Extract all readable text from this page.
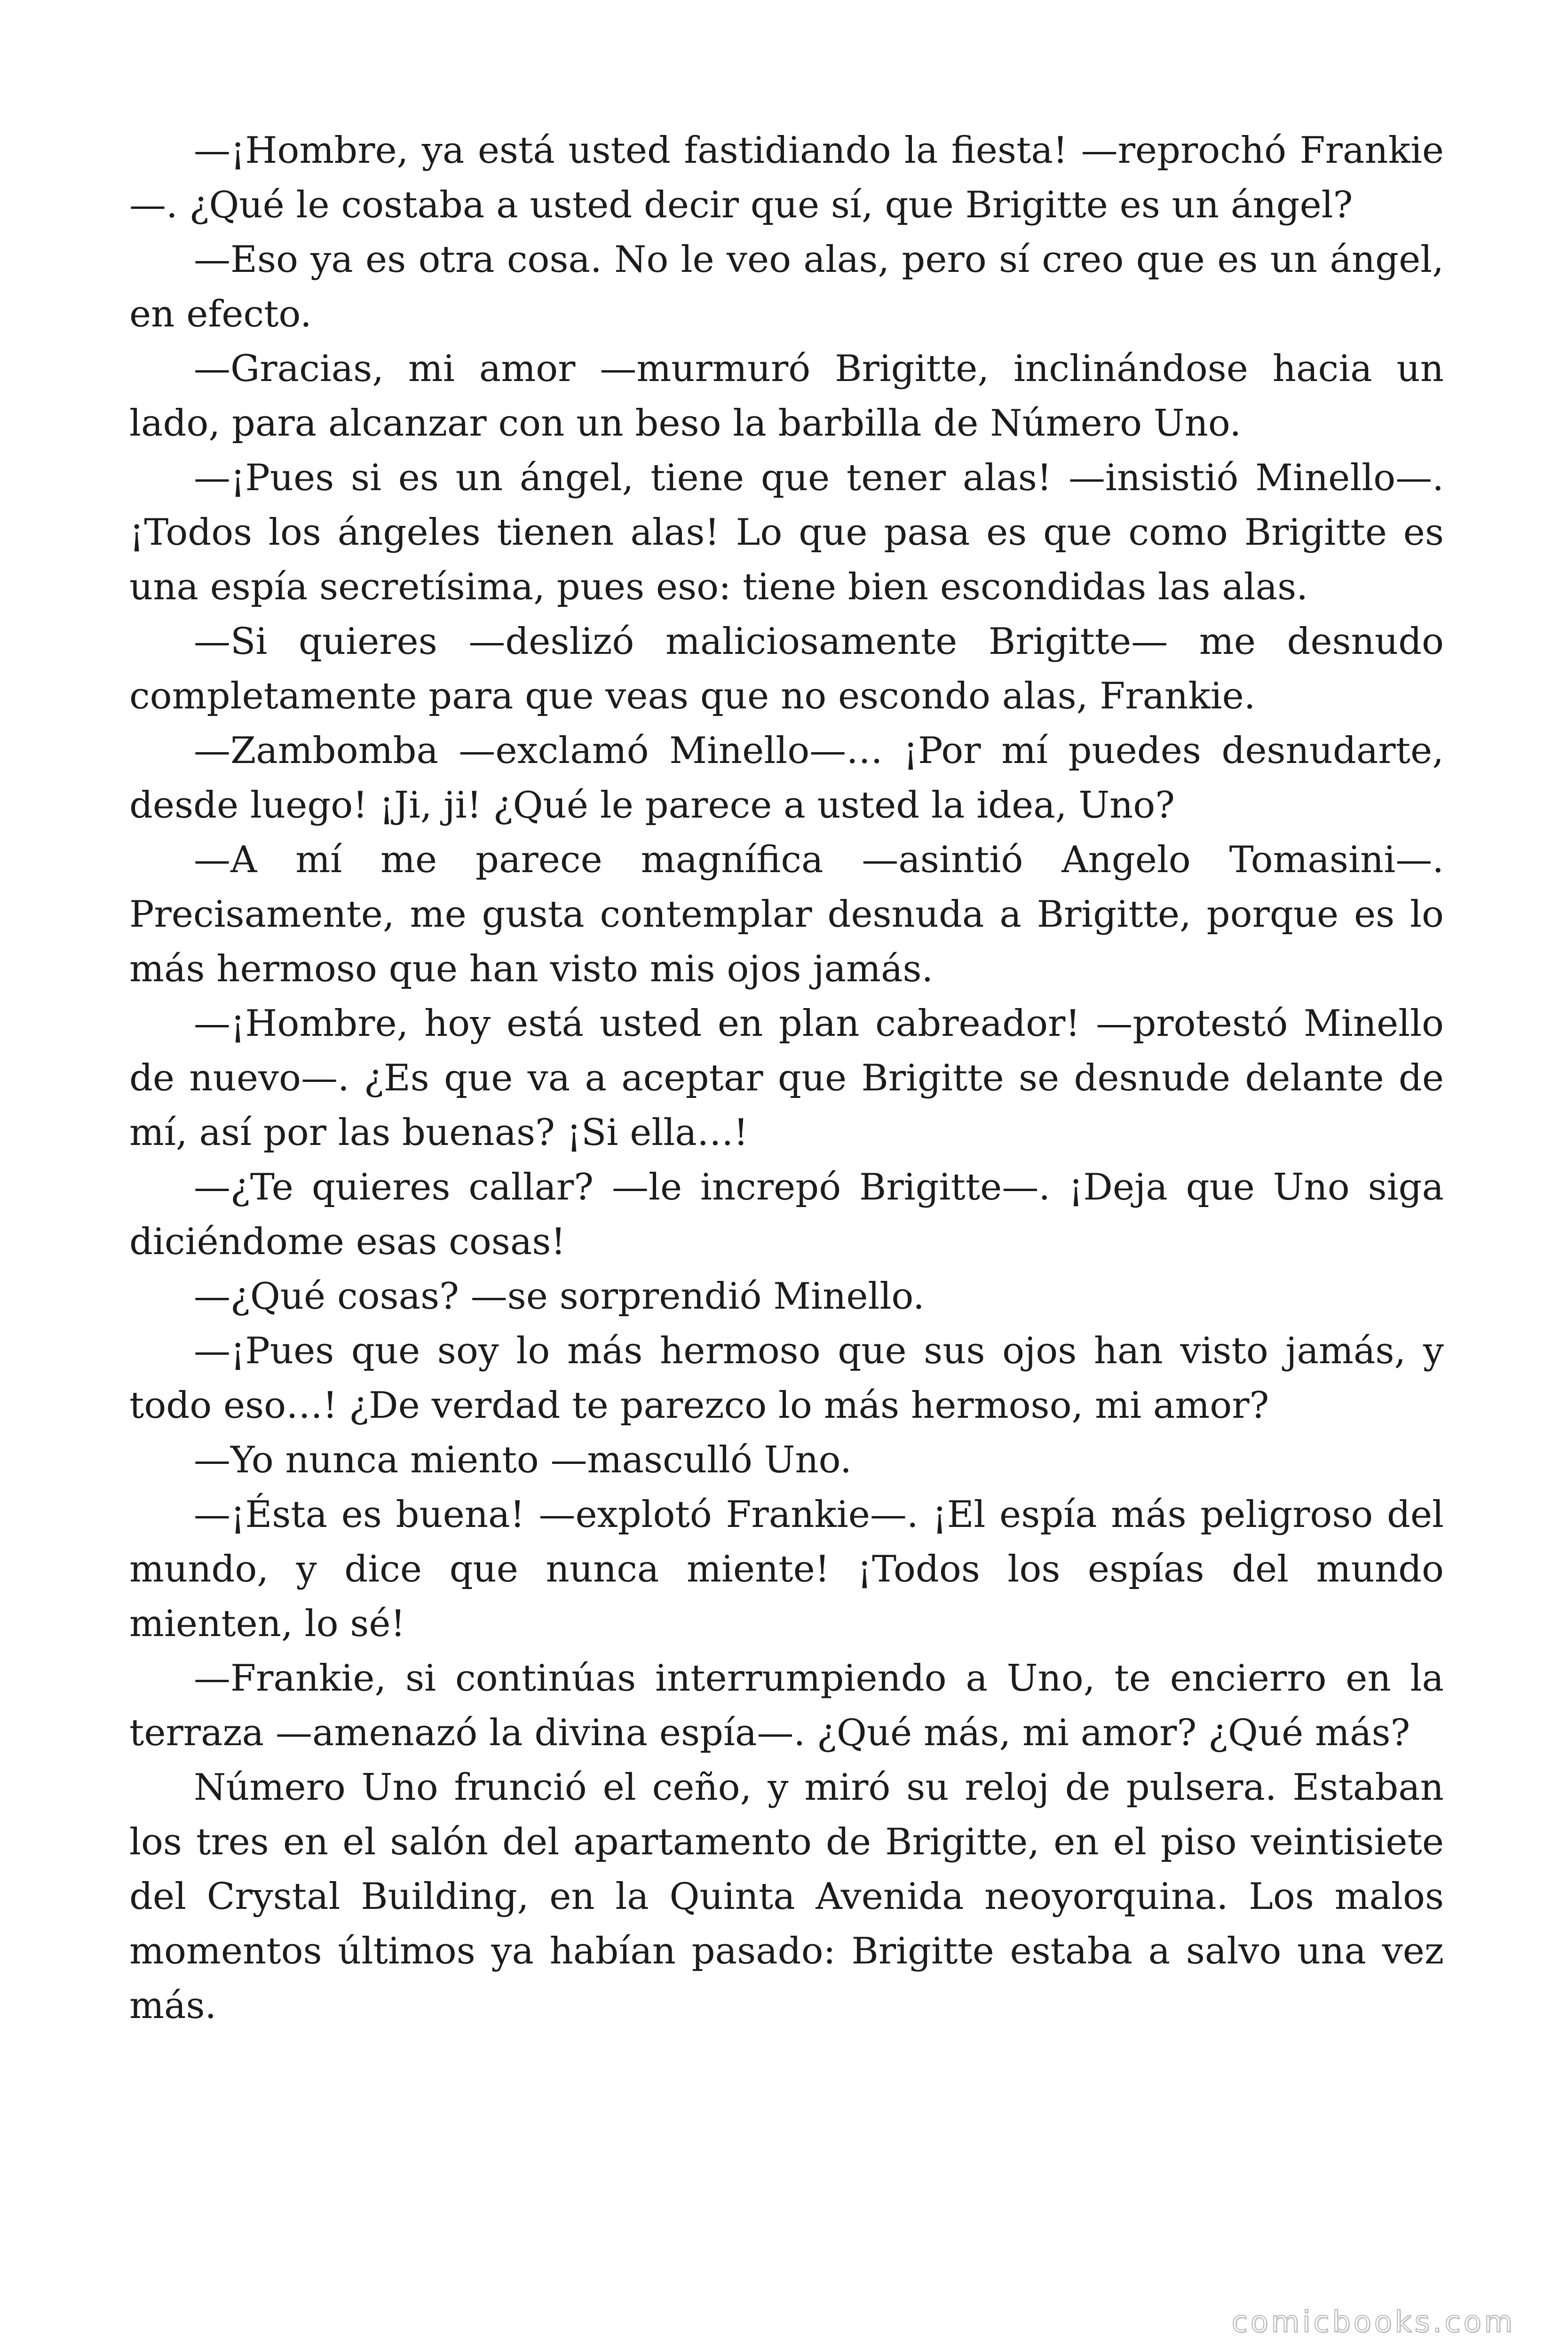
—¡Hombre, ya está usted fastidiando la fiesta! —reprochó Frankie—. ¿Qué le costaba a usted decir que sí, que Brigitte es un ángel?

—Eso ya es otra cosa. No le veo alas, pero sí creo que es un ángel, en efecto.

—Gracias, mi amor —murmuró Brigitte, inclinándose hacia un lado, para alcanzar con un beso la barbilla de Número Uno.

—¡Pues si es un ángel, tiene que tener alas! —insistió Minello—. ¡Todos los ángeles tienen alas! Lo que pasa es que como Brigitte es una espía secretísima, pues eso: tiene bien escondidas las alas.

—Si quieres —deslizó maliciosamente Brigitte— me desnudo completamente para que veas que no escondo alas, Frankie.

—Zambomba —exclamó Minello—… ¡Por mí puedes desnudarte, desde luego! ¡Ji, ji! ¿Qué le parece a usted la idea, Uno?

—A mí me parece magnífica —asintió Angelo Tomasini—. Precisamente, me gusta contemplar desnuda a Brigitte, porque es lo más hermoso que han visto mis ojos jamás.

—¡Hombre, hoy está usted en plan cabreador! —protestó Minello de nuevo—. ¿Es que va a aceptar que Brigitte se desnude delante de mí, así por las buenas? ¡Si ella…!

—¿Te quieres callar? —le increpó Brigitte—. ¡Deja que Uno siga diciéndome esas cosas!

—¿Qué cosas? —se sorprendió Minello.

—¡Pues que soy lo más hermoso que sus ojos han visto jamás, y todo eso…! ¿De verdad te parezco lo más hermoso, mi amor?

—Yo nunca miento —masculló Uno.

—¡Ésta es buena! —explotó Frankie—. ¡El espía más peligroso del mundo, y dice que nunca miente! ¡Todos los espías del mundo mienten, lo sé!

—Frankie, si continúas interrumpiendo a Uno, te encierro en la terraza —amenazó la divina espía—. ¿Qué más, mi amor? ¿Qué más?

Número Uno frunció el ceño, y miró su reloj de pulsera. Estaban los tres en el salón del apartamento de Brigitte, en el piso veintisiete del Crystal Building, en la Quinta Avenida neoyorquina. Los malos momentos últimos ya habían pasado: Brigitte estaba a salvo una vez más.

comicbooks.com
